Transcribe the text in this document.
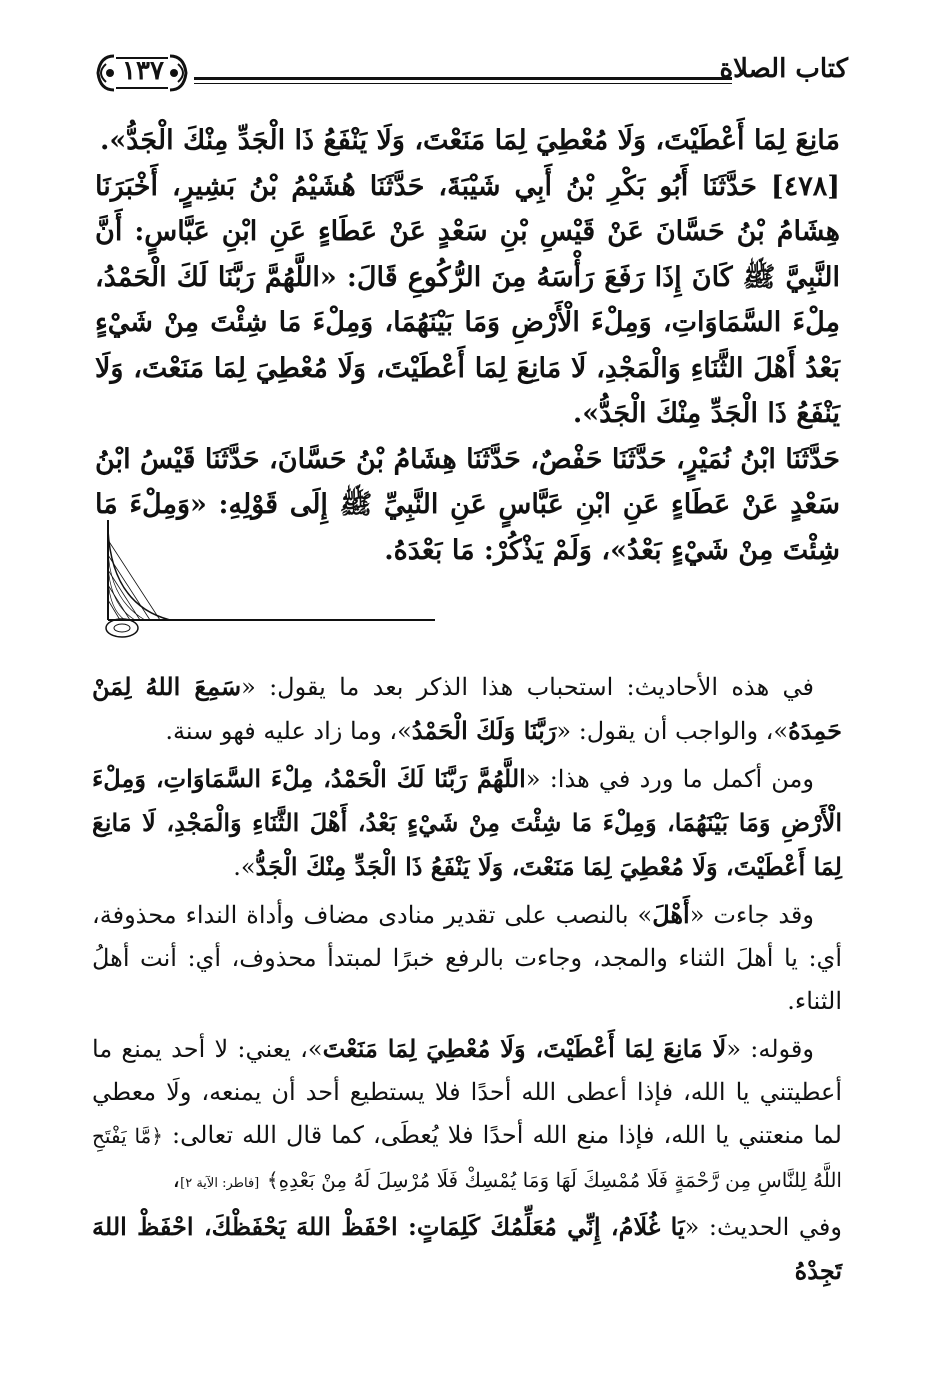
كتاب الصلاة
١٣٧

مَانِعَ لِمَا أَعْطَيْتَ، وَلَا مُعْطِيَ لِمَا مَنَعْتَ، وَلَا يَنْفَعُ ذَا الْجَدِّ مِنْكَ الْجَدُّ».

[٤٧٨] حَدَّثَنَا أَبُو بَكْرِ بْنُ أَبِي شَيْبَةَ، حَدَّثَنَا هُشَيْمُ بْنُ بَشِيرٍ، أَخْبَرَنَا هِشَامُ بْنُ حَسَّانَ عَنْ قَيْسِ بْنِ سَعْدٍ عَنْ عَطَاءٍ عَنِ ابْنِ عَبَّاسٍ: أَنَّ النَّبِيَّ ﷺ كَانَ إِذَا رَفَعَ رَأْسَهُ مِنَ الرُّكُوعِ قَالَ: «اللَّهُمَّ رَبَّنَا لَكَ الْحَمْدُ، مِلْءَ السَّمَاوَاتِ، وَمِلْءَ الْأَرْضِ وَمَا بَيْنَهُمَا، وَمِلْءَ مَا شِئْتَ مِنْ شَيْءٍ بَعْدُ أَهْلَ الثَّنَاءِ وَالْمَجْدِ، لَا مَانِعَ لِمَا أَعْطَيْتَ، وَلَا مُعْطِيَ لِمَا مَنَعْتَ، وَلَا يَنْفَعُ ذَا الْجَدِّ مِنْكَ الْجَدُّ».

حَدَّثَنَا ابْنُ نُمَيْرٍ، حَدَّثَنَا حَفْصٌ، حَدَّثَنَا هِشَامُ بْنُ حَسَّانَ، حَدَّثَنَا قَيْسُ ابْنُ سَعْدٍ عَنْ عَطَاءٍ عَنِ ابْنِ عَبَّاسٍ عَنِ النَّبِيِّ ﷺ إِلَى قَوْلِهِ: «وَمِلْءَ مَا شِئْتَ مِنْ شَيْءٍ بَعْدُ»، وَلَمْ يَذْكُرْ: مَا بَعْدَهُ.

في هذه الأحاديث: استحباب هذا الذكر بعد ما يقول: «سَمِعَ اللهُ لِمَنْ حَمِدَهُ»، والواجب أن يقول: «رَبَّنَا وَلَكَ الْحَمْدُ»، وما زاد عليه فهو سنة.

ومن أكمل ما ورد في هذا: «اللَّهُمَّ رَبَّنَا لَكَ الْحَمْدُ، مِلْءَ السَّمَاوَاتِ، وَمِلْءَ الْأَرْضِ وَمَا بَيْنَهُمَا، وَمِلْءَ مَا شِئْتَ مِنْ شَيْءٍ بَعْدُ، أَهْلَ الثَّنَاءِ وَالْمَجْدِ، لَا مَانِعَ لِمَا أَعْطَيْتَ، وَلَا مُعْطِيَ لِمَا مَنَعْتَ، وَلَا يَنْفَعُ ذَا الْجَدِّ مِنْكَ الْجَدُّ».

وقد جاءت «أَهْلَ» بالنصب على تقدير منادى مضاف وأداة النداء محذوفة، أي: يا أهلَ الثناء والمجد، وجاءت بالرفع خبرًا لمبتدأ محذوف، أي: أنت أهلُ الثناء.

وقوله: «لَا مَانِعَ لِمَا أَعْطَيْتَ، وَلَا مُعْطِيَ لِمَا مَنَعْتَ»، يعني: لا أحد يمنع ما أعطيتني يا الله، فإذا أعطى الله أحدًا فلا يستطيع أحد أن يمنعه، ولَا معطي لما منعتني يا الله، فإذا منع الله أحدًا فلا يُعطَى، كما قال الله تعالى: ﴿مَّا يَفْتَحِ اللَّهُ لِلنَّاسِ مِن رَّحْمَةٍ فَلَا مُمْسِكَ لَهَا وَمَا يُمْسِكْ فَلَا مُرْسِلَ لَهُ مِنْ بَعْدِهِ﴾ [فاطر: الآية ٢]،

وفي الحديث: «يَا غُلَامُ، إِنِّي مُعَلِّمُكَ كَلِمَاتٍ: احْفَظْ اللهَ يَحْفَظْكَ، احْفَظْ اللهَ تَجِدْهُ
